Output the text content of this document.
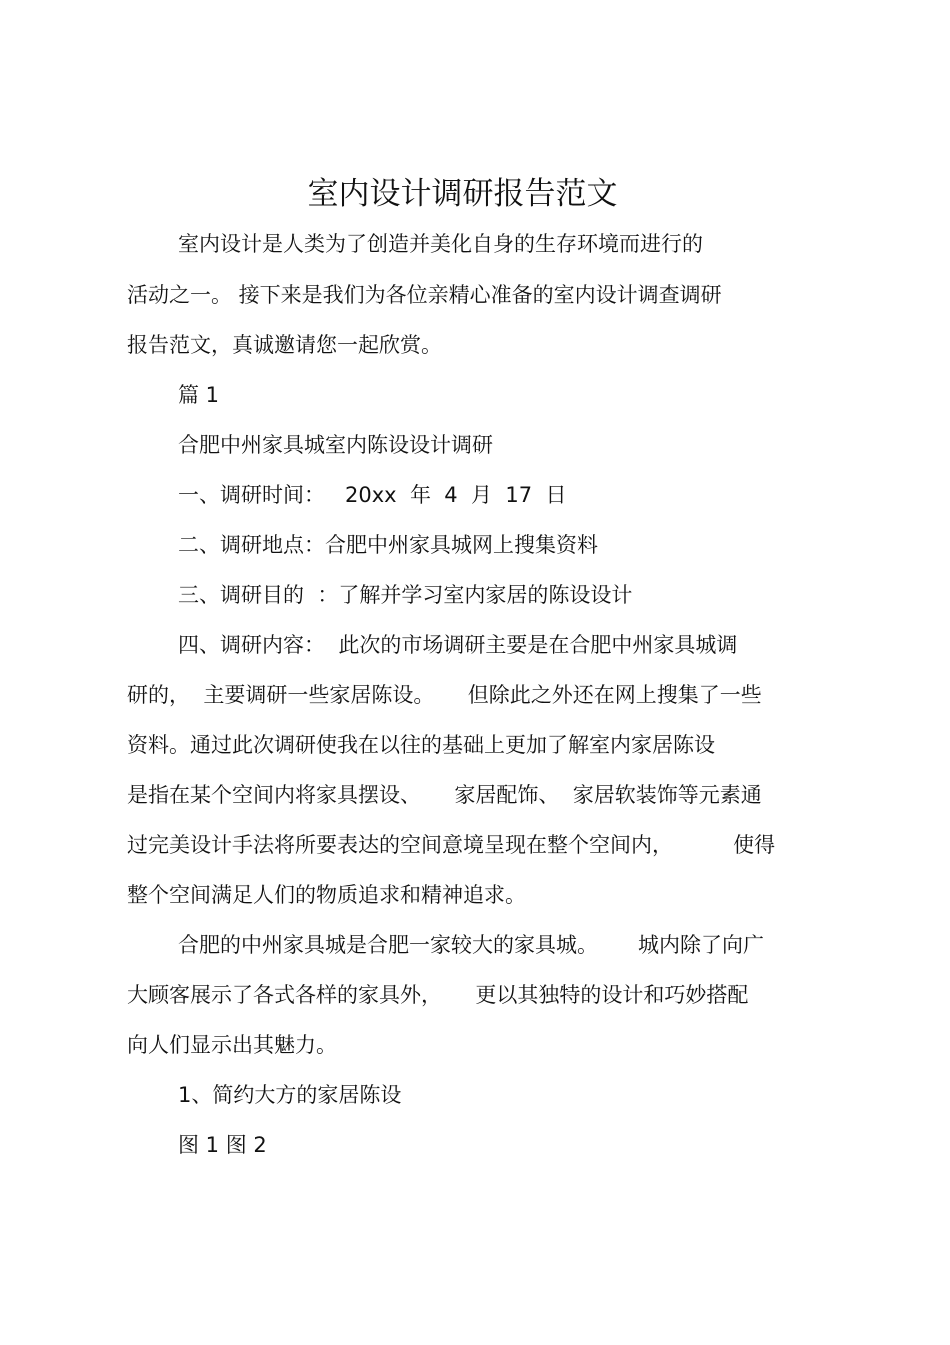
室内设计调研报告范文
室内设计是人类为了创造并美化自身的生存环境而进行的
活动之一。 接下来是我们为各位亲精心准备的室内设计调查调研
报告范文，真诚邀请您一起欣赏。
篇 1
合肥中州家具城室内陈设设计调研
一、调研时间：   20xx  年  4  月  17  日
二、调研地点：合肥中州家具城网上搜集资料
三、调研目的  ：了解并学习室内家居的陈设设计
四、调研内容：  此次的市场调研主要是在合肥中州家具城调
研的，  主要调研一些家居陈设。     但除此之外还在网上搜集了一些
资料。通过此次调研使我在以往的基础上更加了解室内家居陈设
是指在某个空间内将家具摆设、     家居配饰、  家居软装饰等元素通
过完美设计手法将所要表达的空间意境呈现在整个空间内，         使得
整个空间满足人们的物质追求和精神追求。
合肥的中州家具城是合肥一家较大的家具城。      城内除了向广
大顾客展示了各式各样的家具外，     更以其独特的设计和巧妙搭配
向人们显示出其魅力。
1、简约大方的家居陈设
图 1 图 2
